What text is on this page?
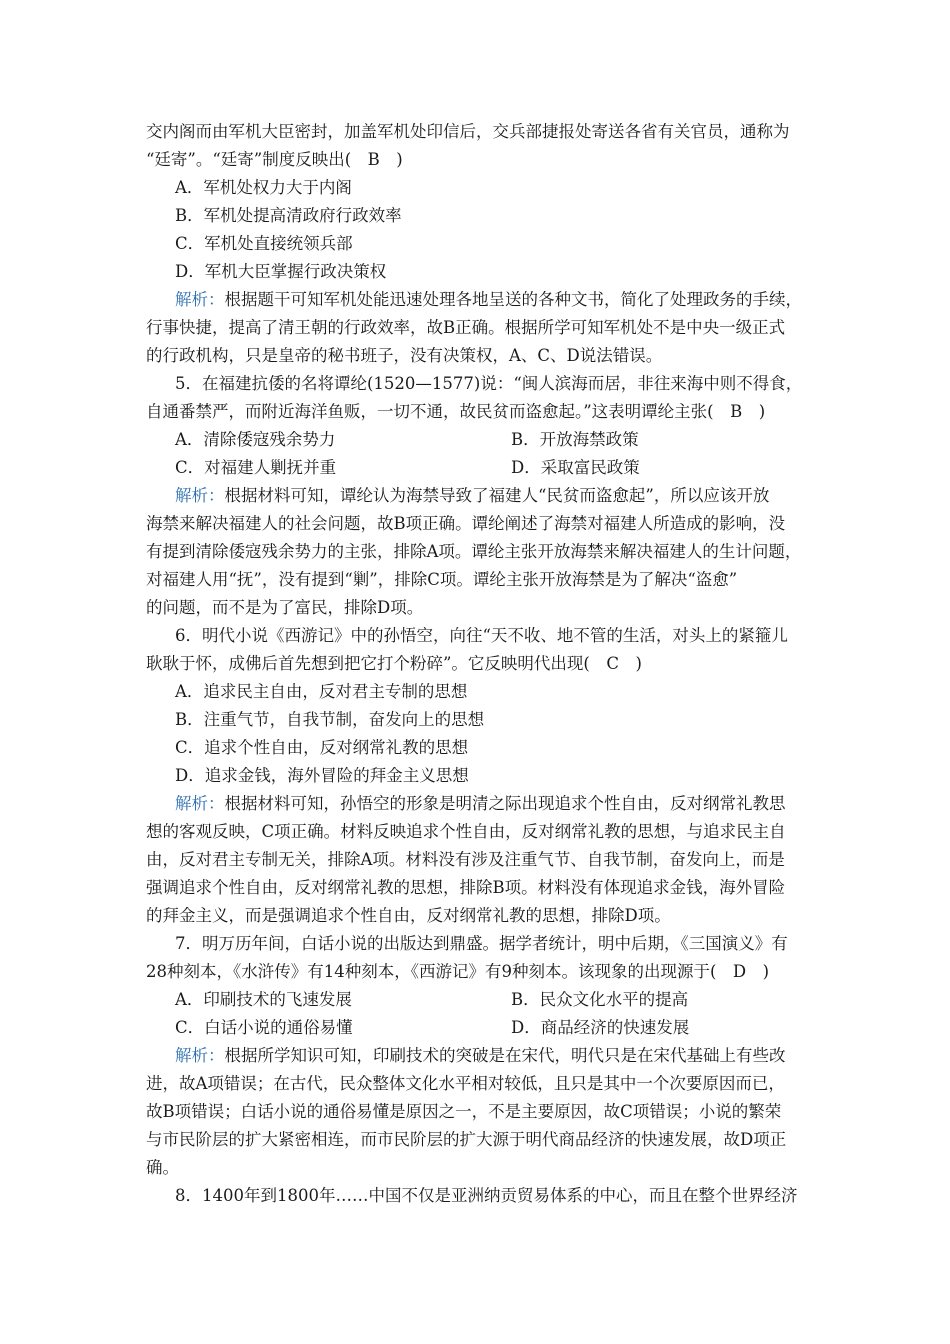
交内阁而由军机大臣密封，加盖军机处印信后，交兵部捷报处寄送各省有关官员，通称为
“廷寄”。“廷寄”制度反映出(　B　)
A．军机处权力大于内阁
B．军机处提高清政府行政效率
C．军机处直接统领兵部
D．军机大臣掌握行政决策权
解析：根据题干可知军机处能迅速处理各地呈送的各种文书，简化了处理政务的手续，
行事快捷，提高了清王朝的行政效率，故B正确。根据所学可知军机处不是中央一级正式
的行政机构，只是皇帝的秘书班子，没有决策权，A、C、D说法错误。
5．在福建抗倭的名将谭纶(1520—1577)说：“闽人滨海而居，非往来海中则不得食，
自通番禁严，而附近海洋鱼贩，一切不通，故民贫而盗愈起。”这表明谭纶主张(　B　)
A．清除倭寇残余势力	B．开放海禁政策
C．对福建人剿抚并重	D．采取富民政策
解析：根据材料可知，谭纶认为海禁导致了福建人“民贫而盗愈起”，所以应该开放
海禁来解决福建人的社会问题，故B项正确。谭纶阐述了海禁对福建人所造成的影响，没
有提到清除倭寇残余势力的主张，排除A项。谭纶主张开放海禁来解决福建人的生计问题，
对福建人用“抚”，没有提到“剿”，排除C项。谭纶主张开放海禁是为了解决“盗愈”
的问题，而不是为了富民，排除D项。
6．明代小说《西游记》中的孙悟空，向往“天不收、地不管的生活，对头上的紧箍儿
耿耿于怀，成佛后首先想到把它打个粉碎”。它反映明代出现(　C　)
A．追求民主自由，反对君主专制的思想
B．注重气节，自我节制，奋发向上的思想
C．追求个性自由，反对纲常礼教的思想
D．追求金钱，海外冒险的拜金主义思想
解析：根据材料可知，孙悟空的形象是明清之际出现追求个性自由，反对纲常礼教思
想的客观反映，C项正确。材料反映追求个性自由，反对纲常礼教的思想，与追求民主自
由，反对君主专制无关，排除A项。材料没有涉及注重气节、自我节制，奋发向上，而是
强调追求个性自由，反对纲常礼教的思想，排除B项。材料没有体现追求金钱，海外冒险
的拜金主义，而是强调追求个性自由，反对纲常礼教的思想，排除D项。
7．明万历年间，白话小说的出版达到鼎盛。据学者统计，明中后期，《三国演义》有
28种刻本，《水浒传》有14种刻本，《西游记》有9种刻本。该现象的出现源于(　D　)
A．印刷技术的飞速发展	B．民众文化水平的提高
C．白话小说的通俗易懂	D．商品经济的快速发展
解析：根据所学知识可知，印刷技术的突破是在宋代，明代只是在宋代基础上有些改
进，故A项错误；在古代，民众整体文化水平相对较低，且只是其中一个次要原因而已，
故B项错误；白话小说的通俗易懂是原因之一，不是主要原因，故C项错误；小说的繁荣
与市民阶层的扩大紧密相连，而市民阶层的扩大源于明代商品经济的快速发展，故D项正
确。
8．1400年到1800年……中国不仅是亚洲纳贡贸易体系的中心，而且在整个世界经济
